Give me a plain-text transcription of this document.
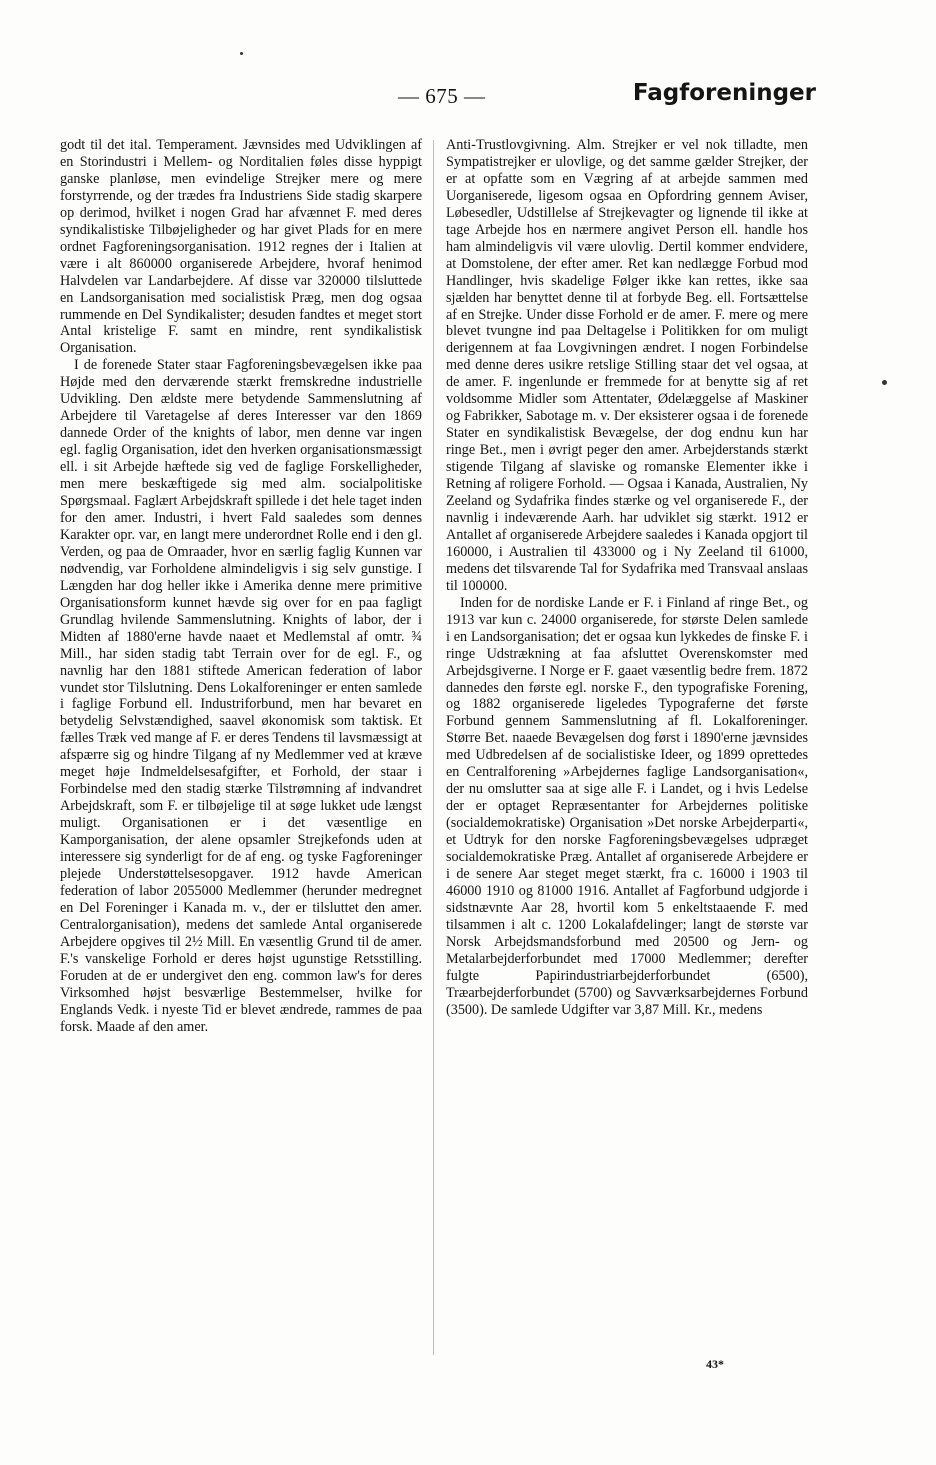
— 675 —	Fagforeninger

godt til det ital. Temperament. Jævnsides med Udviklingen af en Storindustri i Mellem- og Norditalien føles disse hyppigt ganske planløse, men evindelige Strejker mere og mere forstyrrende, og der trædes fra Industriens Side stadig skarpere op derimod, hvilket i nogen Grad har afvænnet F. med deres syndikalistiske Tilbøjeligheder og har givet Plads for en mere ordnet Fagforeningsorganisation. 1912 regnes der i Italien at være i alt 860000 organiserede Arbejdere, hvoraf henimod Halvdelen var Landarbejdere. Af disse var 320000 tilsluttede en Landsorganisation med socialistisk Præg, men dog ogsaa rummende en Del Syndikalister; desuden fandtes et meget stort Antal kristelige F. samt en mindre, rent syndikalistisk Organisation.

I de forenede Stater staar Fagforeningsbevægelsen ikke paa Højde med den derværende stærkt fremskredne industrielle Udvikling. Den ældste mere betydende Sammenslutning af Arbejdere til Varetagelse af deres Interesser var den 1869 dannede Order of the knights of labor, men denne var ingen egl. faglig Organisation, idet den hverken organisationsmæssigt ell. i sit Arbejde hæftede sig ved de faglige Forskelligheder, men mere beskæftigede sig med alm. socialpolitiske Spørgsmaal. Faglært Arbejdskraft spillede i det hele taget inden for den amer. Industri, i hvert Fald saaledes som dennes Karakter opr. var, en langt mere underordnet Rolle end i den gl. Verden, og paa de Omraader, hvor en særlig faglig Kunnen var nødvendig, var Forholdene almindeligvis i sig selv gunstige. I Længden har dog heller ikke i Amerika denne mere primitive Organisationsform kunnet hævde sig over for en paa fagligt Grundlag hvilende Sammenslutning. Knights of labor, der i Midten af 1880'erne havde naaet et Medlemstal af omtr. ¾ Mill., har siden stadig tabt Terrain over for de egl. F., og navnlig har den 1881 stiftede American federation of labor vundet stor Tilslutning. Dens Lokalforeninger er enten samlede i faglige Forbund ell. Industriforbund, men har bevaret en betydelig Selvstændighed, saavel økonomisk som taktisk. Et fælles Træk ved mange af F. er deres Tendens til lavsmæssigt at afspærre sig og hindre Tilgang af ny Medlemmer ved at kræve meget høje Indmeldelsesafgifter, et Forhold, der staar i Forbindelse med den stadig stærke Tilstrømning af indvandret Arbejdskraft, som F. er tilbøjelige til at søge lukket ude længst muligt. Organisationen er i det væsentlige en Kamporganisation, der alene opsamler Strejkefonds uden at interessere sig synderligt for de af eng. og tyske Fagforeninger plejede Understøttelsesopgaver. 1912 havde American federation of labor 2055000 Medlemmer (herunder medregnet en Del Foreninger i Kanada m. v., der er tilsluttet den amer. Centralorganisation), medens det samlede Antal organiserede Arbejdere opgives til 2½ Mill. En væsentlig Grund til de amer. F.'s vanskelige Forhold er deres højst ugunstige Retsstilling. Foruden at de er undergivet den eng. common law's for deres Virksomhed højst besværlige Bestemmelser, hvilke for Englands Vedk. i nyeste Tid er blevet ændrede, rammes de paa forsk. Maade af den amer.

Anti-Trustlovgivning. Alm. Strejker er vel nok tilladte, men Sympatistrejker er ulovlige, og det samme gælder Strejker, der er at opfatte som en Vægring af at arbejde sammen med Uorganiserede, ligesom ogsaa en Opfordring gennem Aviser, Løbesedler, Udstillelse af Strejkevagter og lignende til ikke at tage Arbejde hos en nærmere angivet Person ell. handle hos ham almindeligvis vil være ulovlig. Dertil kommer endvidere, at Domstolene, der efter amer. Ret kan nedlægge Forbud mod Handlinger, hvis skadelige Følger ikke kan rettes, ikke saa sjælden har benyttet denne til at forbyde Beg. ell. Fortsættelse af en Strejke. Under disse Forhold er de amer. F. mere og mere blevet tvungne ind paa Deltagelse i Politikken for om muligt derigennem at faa Lovgivningen ændret. I nogen Forbindelse med denne deres usikre retslige Stilling staar det vel ogsaa, at de amer. F. ingenlunde er fremmede for at benytte sig af ret voldsomme Midler som Attentater, Ødelæggelse af Maskiner og Fabrikker, Sabotage m. v. Der eksisterer ogsaa i de forenede Stater en syndikalistisk Bevægelse, der dog endnu kun har ringe Bet., men i øvrigt peger den amer. Arbejderstands stærkt stigende Tilgang af slaviske og romanske Elementer ikke i Retning af roligere Forhold. — Ogsaa i Kanada, Australien, Ny Zeeland og Sydafrika findes stærke og vel organiserede F., der navnlig i indeværende Aarh. har udviklet sig stærkt. 1912 er Antallet af organiserede Arbejdere saaledes i Kanada opgjort til 160000, i Australien til 433000 og i Ny Zeeland til 61000, medens det tilsvarende Tal for Sydafrika med Transvaal anslaas til 100000.

Inden for de nordiske Lande er F. i Finland af ringe Bet., og 1913 var kun c. 24000 organiserede, for største Delen samlede i en Landsorganisation; det er ogsaa kun lykkedes de finske F. i ringe Udstrækning at faa afsluttet Overenskomster med Arbejdsgiverne. I Norge er F. gaaet væsentlig bedre frem. 1872 dannedes den første egl. norske F., den typografiske Forening, og 1882 organiserede ligeledes Typograferne det første Forbund gennem Sammenslutning af fl. Lokalforeninger. Større Bet. naaede Bevægelsen dog først i 1890'erne jævnsides med Udbredelsen af de socialistiske Ideer, og 1899 oprettedes en Centralforening »Arbejdernes faglige Landsorganisation«, der nu omslutter saa at sige alle F. i Landet, og i hvis Ledelse der er optaget Repræsentanter for Arbejdernes politiske (socialdemokratiske) Organisation »Det norske Arbejderparti«, et Udtryk for den norske Fagforeningsbevægelses udpræget socialdemokratiske Præg. Antallet af organiserede Arbejdere er i de senere Aar steget meget stærkt, fra c. 16000 i 1903 til 46000 1910 og 81000 1916. Antallet af Fagforbund udgjorde i sidstnævnte Aar 28, hvortil kom 5 enkeltstaaende F. med tilsammen i alt c. 1200 Lokalafdelinger; langt de største var Norsk Arbejdsmandsforbund med 20500 og Jern- og Metalarbejderforbundet med 17000 Medlemmer; derefter fulgte Papirindustriarbejderforbundet (6500), Træarbejderforbundet (5700) og Savværksarbejdernes Forbund (3500). De samlede Udgifter var 3,87 Mill. Kr., medens

43*
